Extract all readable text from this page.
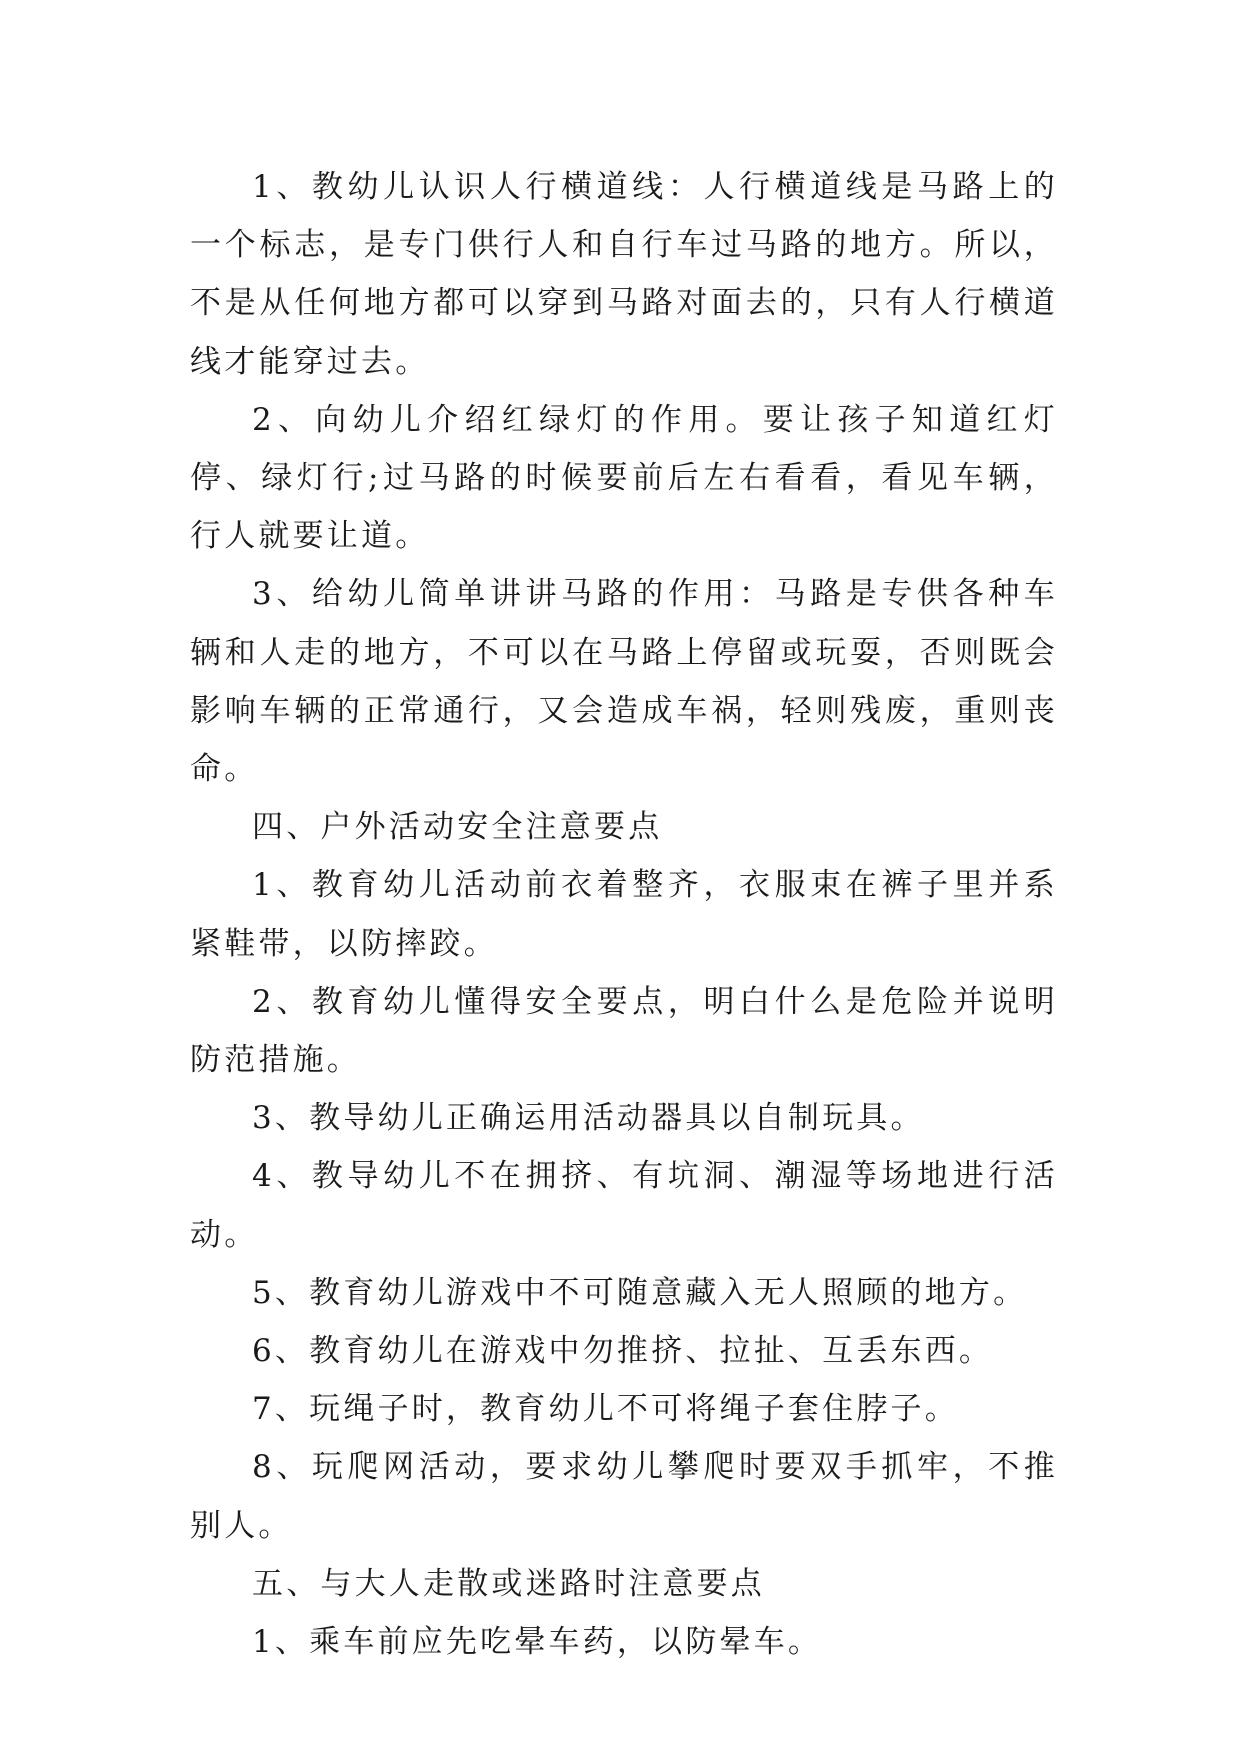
1、教幼儿认识人行横道线：人行横道线是马路上的一个标志，是专门供行人和自行车过马路的地方。所以，不是从任何地方都可以穿到马路对面去的，只有人行横道线才能穿过去。

2、向幼儿介绍红绿灯的作用。要让孩子知道红灯停、绿灯行;过马路的时候要前后左右看看，看见车辆，行人就要让道。

3、给幼儿简单讲讲马路的作用：马路是专供各种车辆和人走的地方，不可以在马路上停留或玩耍，否则既会影响车辆的正常通行，又会造成车祸，轻则残废，重则丧命。

四、户外活动安全注意要点

1、教育幼儿活动前衣着整齐，衣服束在裤子里并系紧鞋带，以防摔跤。

2、教育幼儿懂得安全要点，明白什么是危险并说明防范措施。

3、教导幼儿正确运用活动器具以自制玩具。

4、教导幼儿不在拥挤、有坑洞、潮湿等场地进行活动。

5、教育幼儿游戏中不可随意藏入无人照顾的地方。

6、教育幼儿在游戏中勿推挤、拉扯、互丢东西。

7、玩绳子时，教育幼儿不可将绳子套住脖子。

8、玩爬网活动，要求幼儿攀爬时要双手抓牢，不推别人。

五、与大人走散或迷路时注意要点

1、乘车前应先吃晕车药，以防晕车。
